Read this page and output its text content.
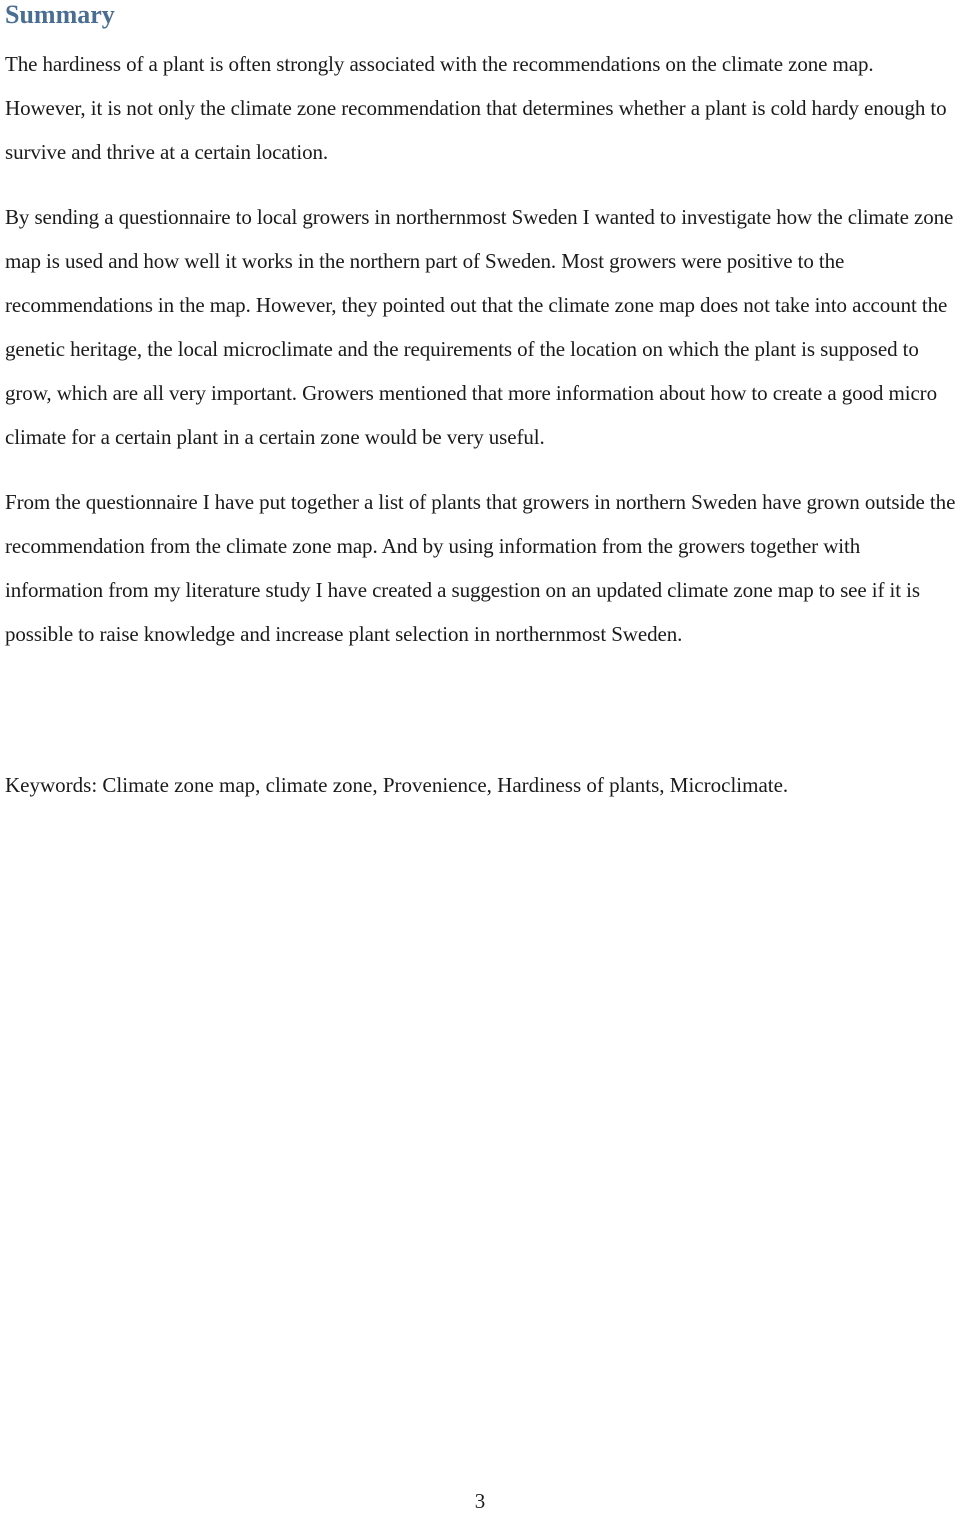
Summary

The hardiness of a plant is often strongly associated with the recommendations on the climate zone map. However, it is not only the climate zone recommendation that determines whether a plant is cold hardy enough to survive and thrive at a certain location.

By sending a questionnaire to local growers in northernmost Sweden I wanted to investigate how the climate zone map is used and how well it works in the northern part of Sweden. Most growers were positive to the recommendations in the map. However, they pointed out that the climate zone map does not take into account the genetic heritage, the local microclimate and the requirements of the location on which the plant is supposed to grow, which are all very important. Growers mentioned that more information about how to create a good micro climate for a certain plant in a certain zone would be very useful.

From the questionnaire I have put together a list of plants that growers in northern Sweden have grown outside the recommendation from the climate zone map. And by using information from the growers together with information from my literature study I have created a suggestion on an updated climate zone map to see if it is possible to raise knowledge and increase plant selection in northernmost Sweden.

Keywords: Climate zone map, climate zone, Provenience, Hardiness of plants, Microclimate.

3
